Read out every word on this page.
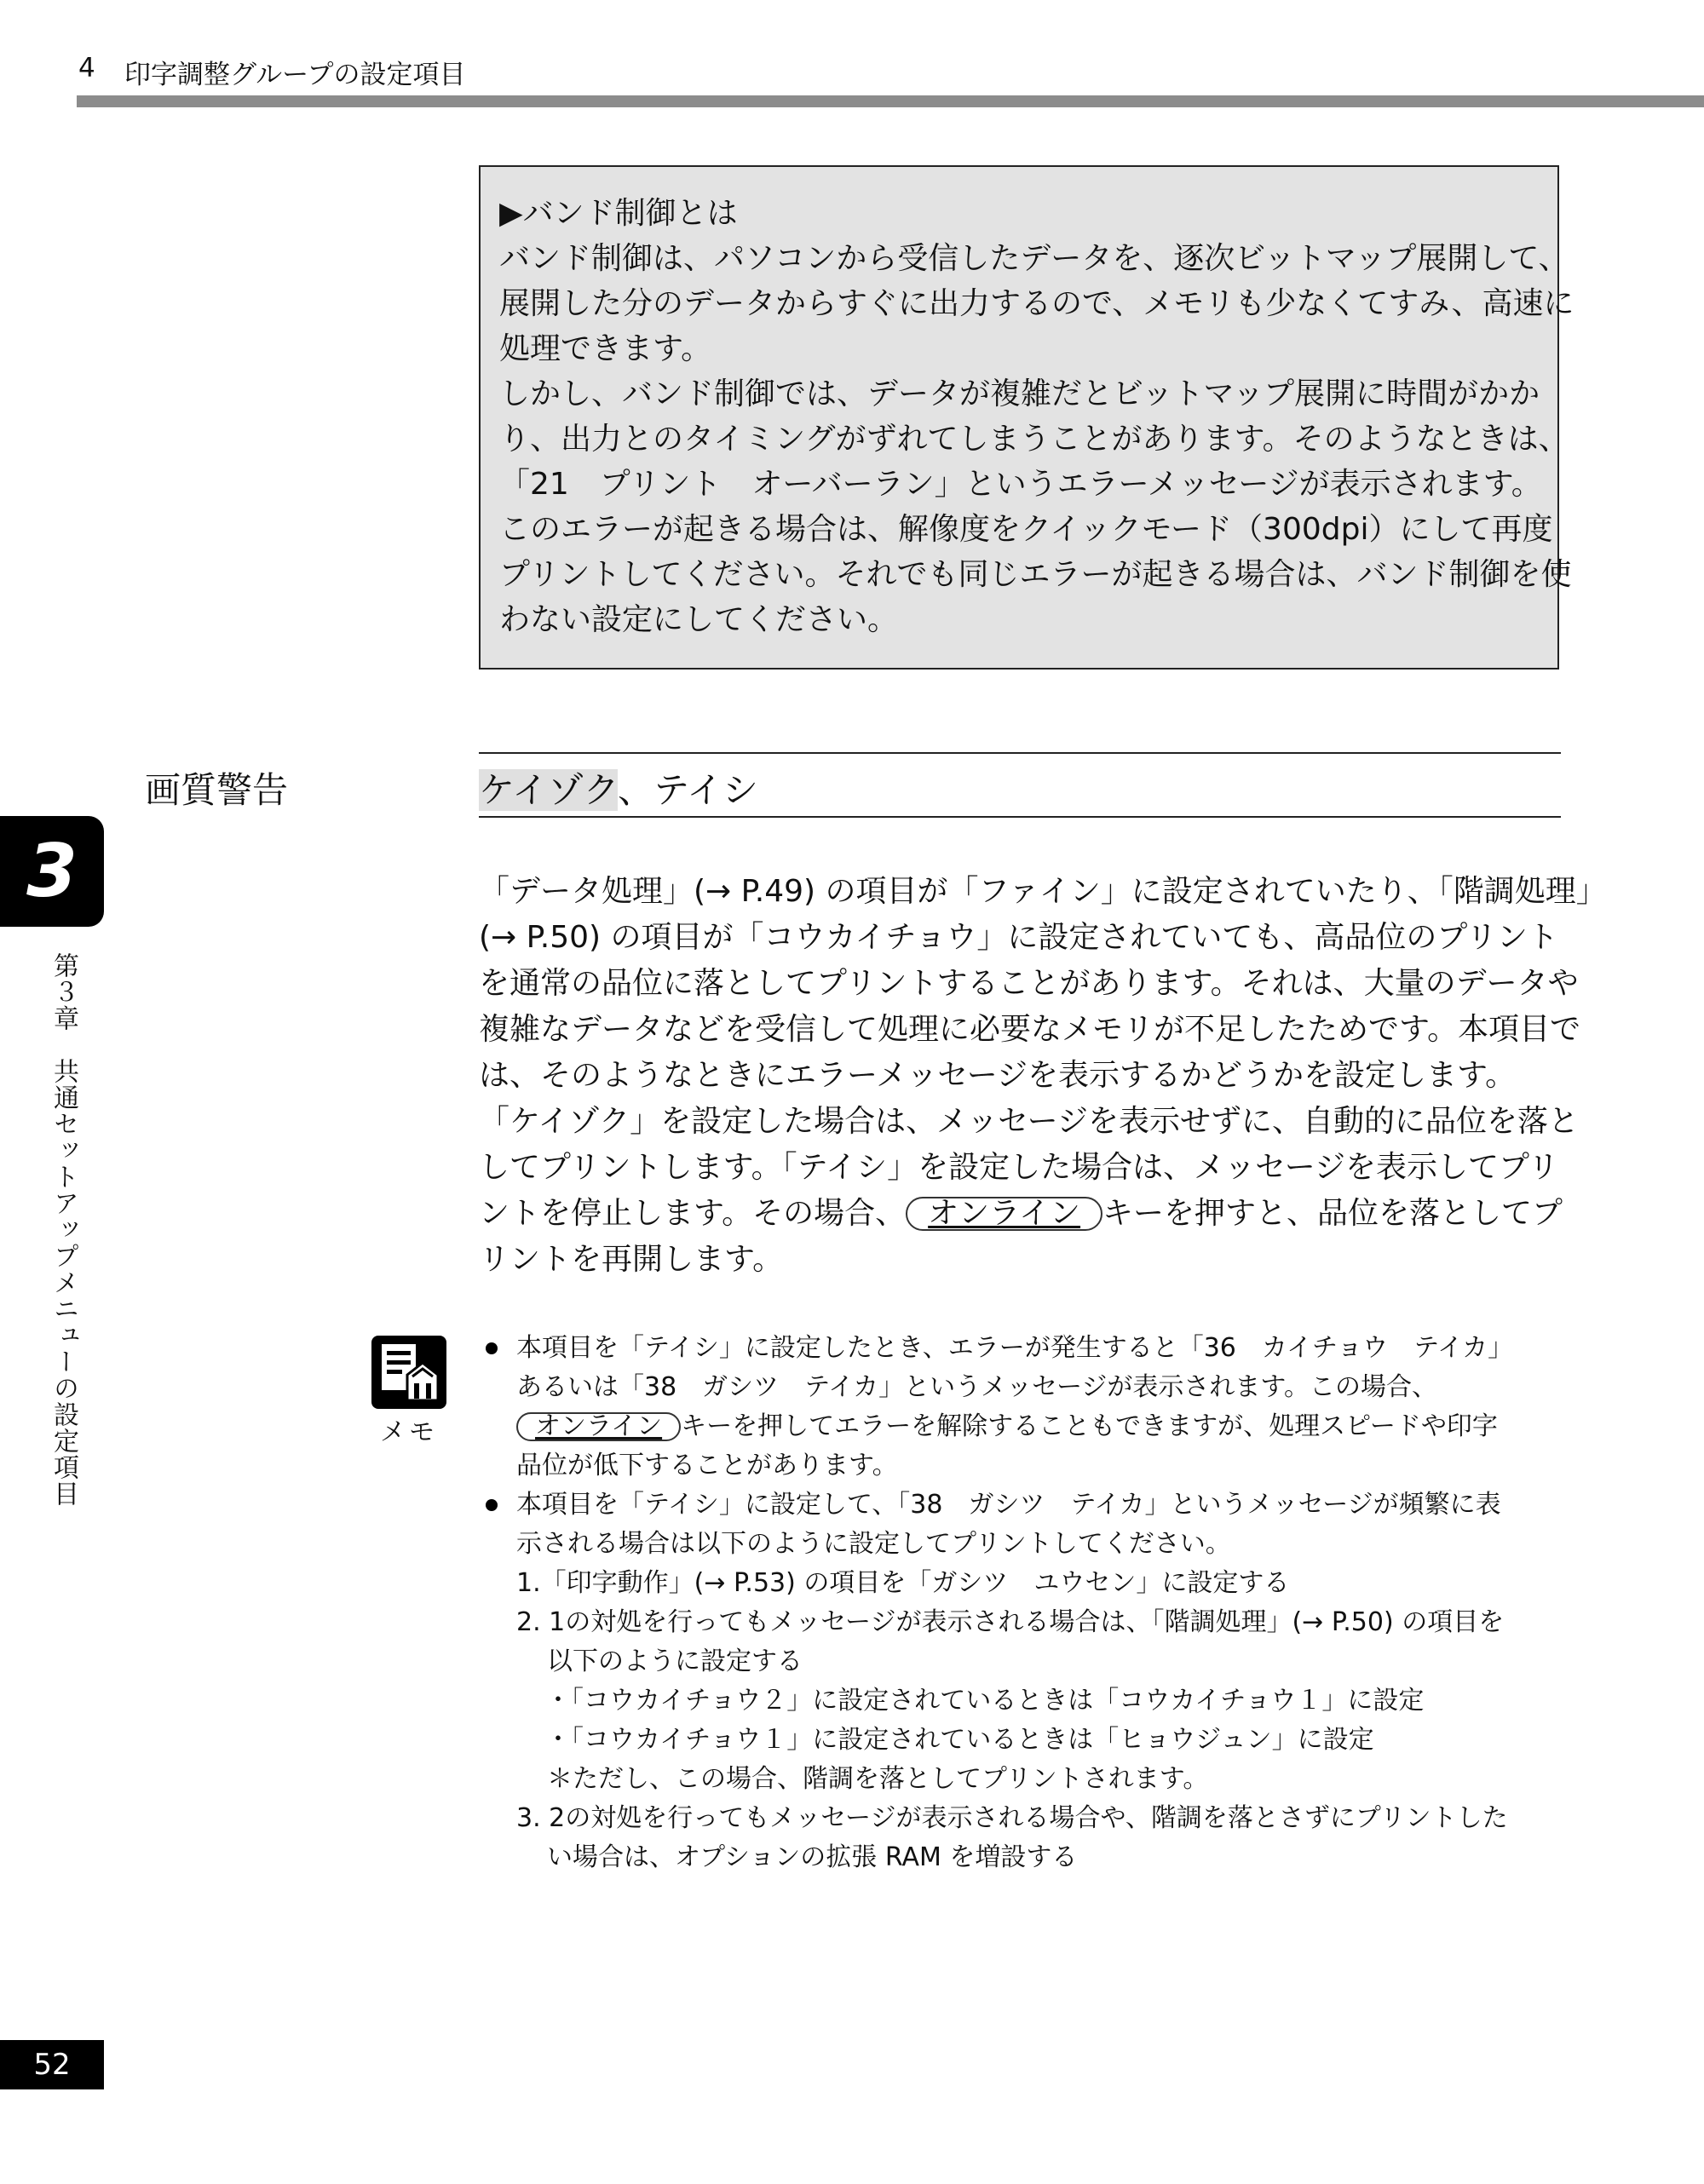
4 印字調整グループの設定項目

▶バンド制御とは

バンド制御は、パソコンから受信したデータを、逐次ビットマップ展開して、

展開した分のデータからすぐに出力するので、メモリも少なくてすみ、高速に

処理できます。

しかし、バンド制御では、データが複雑だとビットマップ展開に時間がかか

り、出力とのタイミングがずれてしまうことがあります。そのようなときは、

「21　プリント　オーバーラン」というエラーメッセージが表示されます。

このエラーが起きる場合は、解像度をクイックモード（300dpi）にして再度

プリントしてください。それでも同じエラーが起きる場合は、バンド制御を使

わない設定にしてください。

画質警告	ケイゾク、テイシ
3
第３章　共通セットアップメニューの設定項目

「データ処理」(→ P.49) の項目が「ファイン」に設定されていたり、「階調処理」

(→ P.50) の項目が「コウカイチョウ」に設定されていても、高品位のプリント

を通常の品位に落としてプリントすることがあります。それは、大量のデータや

複雑なデータなどを受信して処理に必要なメモリが不足したためです。本項目で

は、そのようなときにエラーメッセージを表示するかどうかを設定します。

「ケイゾク」を設定した場合は、メッセージを表示せずに、自動的に品位を落と

してプリントします。「テイシ」を設定した場合は、メッセージを表示してプリ

ントを停止します。その場合、 オンライン キーを押すと、品位を落としてプ

リントを再開します。

メモ

本項目を「テイシ」に設定したとき、エラーが発生すると「36　カイチョウ　テイカ」

あるいは「38　ガシツ　テイカ」というメッセージが表示されます。この場合、

オンライン キーを押してエラーを解除することもできますが、処理スピードや印字

品位が低下することがあります。

本項目を「テイシ」に設定して、「38　ガシツ　テイカ」というメッセージが頻繁に表

示される場合は以下のように設定してプリントしてください。

1.「印字動作」(→ P.53) の項目を「ガシツ　ユウセン」に設定する

2. 1の対処を行ってもメッセージが表示される場合は、「階調処理」(→ P.50) の項目を

以下のように設定する

・「コウカイチョウ２」に設定されているときは「コウカイチョウ１」に設定

・「コウカイチョウ１」に設定されているときは「ヒョウジュン」に設定

＊ただし、この場合、階調を落としてプリントされます。

3. 2の対処を行ってもメッセージが表示される場合や、階調を落とさずにプリントした

い場合は、オプションの拡張 RAM を増設する

52
